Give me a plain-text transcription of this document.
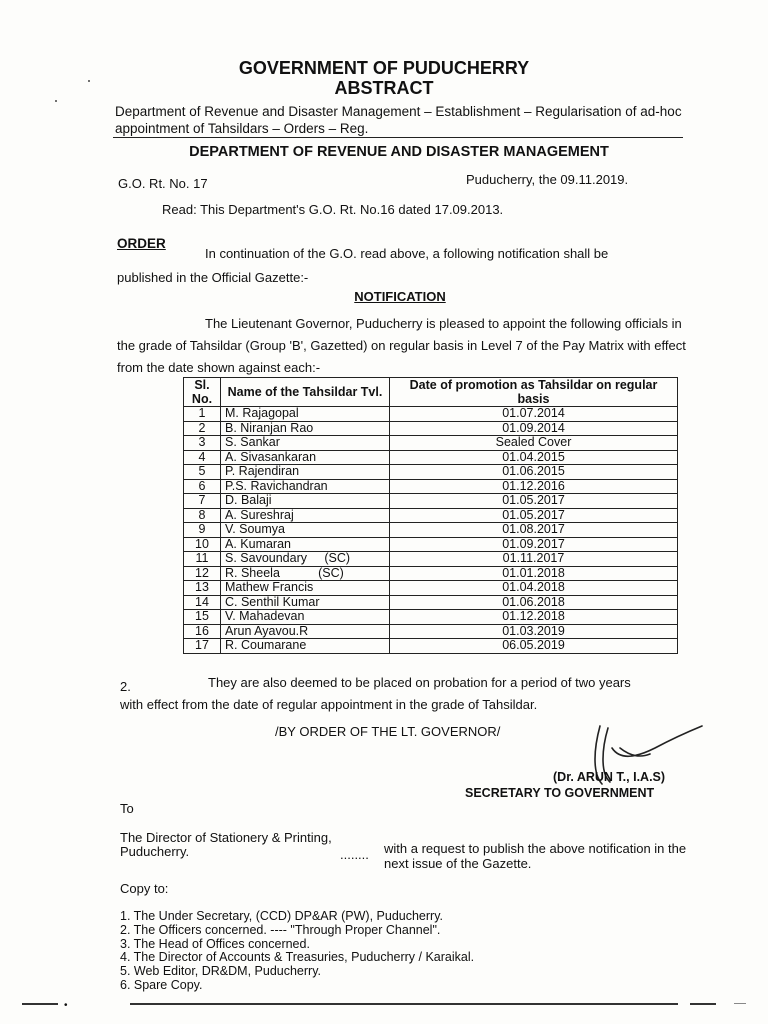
GOVERNMENT OF PUDUCHERRY
ABSTRACT
Department of Revenue and Disaster Management – Establishment – Regularisation of ad-hoc appointment of Tahsildars – Orders – Reg.
DEPARTMENT OF REVENUE AND DISASTER MANAGEMENT
G.O. Rt. No. 17	Puducherry, the 09.11.2019.
Read: This Department's G.O. Rt. No.16 dated 17.09.2013.
ORDER
In continuation of the G.O. read above, a following notification shall be
published in the Official Gazette:-
NOTIFICATION
The Lieutenant Governor, Puducherry is pleased to appoint the following officials in the grade of Tahsildar (Group 'B', Gazetted) on regular basis in Level 7 of the Pay Matrix with effect from the date shown against each:-
Sl. No.	Name of the Tahsildar Tvl.	Date of promotion as Tahsildar on regular basis
1	M. Rajagopal	01.07.2014
2	B. Niranjan Rao	01.09.2014
3	S. Sankar	Sealed Cover
4	A. Sivasankaran	01.04.2015
5	P. Rajendiran	01.06.2015
6	P.S. Ravichandran	01.12.2016
7	D. Balaji	01.05.2017
8	A. Sureshraj	01.05.2017
9	V. Soumya	01.08.2017
10	A. Kumaran	01.09.2017
11	S. Savoundary     (SC)	01.11.2017
12	R. Sheela           (SC)	01.01.2018
13	Mathew Francis	01.04.2018
14	C. Senthil Kumar	01.06.2018
15	V. Mahadevan	01.12.2018
16	Arun Ayavou.R	01.03.2019
17	R. Coumarane	06.05.2019
2.	They are also deemed to be placed on probation for a period of two years
with effect from the date of regular appointment in the grade of Tahsildar.
/BY ORDER OF THE LT. GOVERNOR/
(Dr. ARUN T., I.A.S)
SECRETARY TO GOVERNMENT
To
The Director of Stationery & Printing,
Puducherry.	........ with a request to publish the above notification in the next issue of the Gazette.
Copy to:
1. The Under Secretary, (CCD) DP&AR (PW), Puducherry.
2. The Officers concerned. ---- "Through Proper Channel".
3. The Head of Offices concerned.
4. The Director of Accounts & Treasuries, Puducherry / Karaikal.
5. Web Editor, DR&DM, Puducherry.
6. Spare Copy.
•
